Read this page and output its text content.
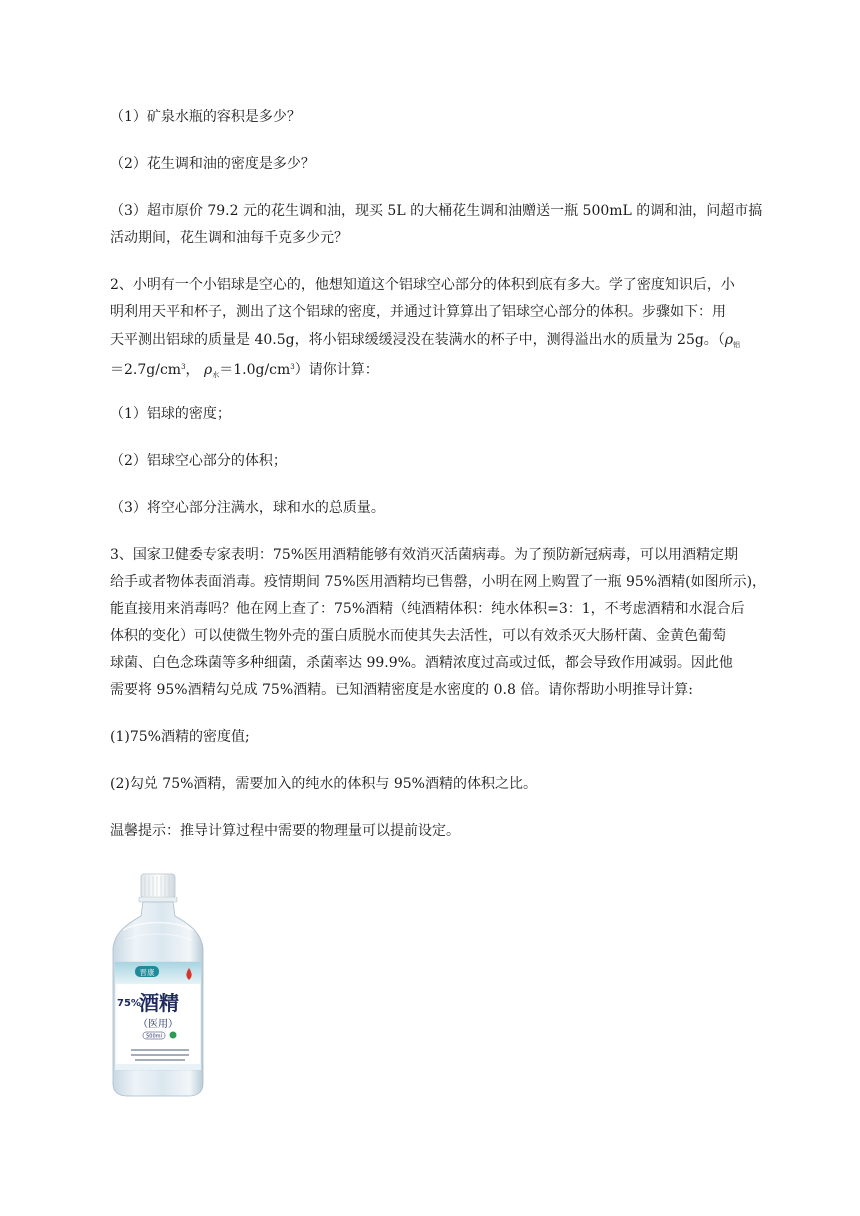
（1）矿泉水瓶的容积是多少？
（2）花生调和油的密度是多少？
（3）超市原价 79.2 元的花生调和油，现买 5L 的大桶花生调和油赠送一瓶 500mL 的调和油，问超市搞
活动期间，花生调和油每千克多少元？
2、小明有一个小铝球是空心的，他想知道这个铝球空心部分的体积到底有多大。学了密度知识后，小
明利用天平和杯子，测出了这个铝球的密度，并通过计算算出了铝球空心部分的体积。步骤如下：用
天平测出铝球的质量是 40.5g，将小铝球缓缓浸没在装满水的杯子中，测得溢出水的质量为 25g。（$\rho_铝$
$=2.7g/cm^3$， $\rho_水=1.0g/cm^3$）请你计算：
（1）铝球的密度；
（2）铝球空心部分的体积；
（3）将空心部分注满水，球和水的总质量。
3、国家卫健委专家表明：75%医用酒精能够有效消灭活菌病毒。为了预防新冠病毒，可以用酒精定期
给手或者物体表面消毒。疫情期间 75%医用酒精均已售罄，小明在网上购置了一瓶 95%酒精(如图所示)，
能直接用来消毒吗？他在网上查了：75%酒精（纯酒精体积：纯水体积=3：1，不考虑酒精和水混合后
体积的变化）可以使微生物外壳的蛋白质脱水而使其失去活性，可以有效杀灭大肠杆菌、金黄色葡萄
球菌、白色念珠菌等多种细菌，杀菌率达 99.9%。酒精浓度过高或过低，都会导致作用减弱。因此他
需要将 95%酒精勾兑成 75%酒精。已知酒精密度是水密度的 0.8 倍。请你帮助小明推导计算:
(1)75%酒精的密度值;
(2)勾兑 75%酒精，需要加入的纯水的体积与 95%酒精的体积之比。
温馨提示：推导计算过程中需要的物理量可以提前设定。
晋康
75%
酒精
（医用）
500ml
